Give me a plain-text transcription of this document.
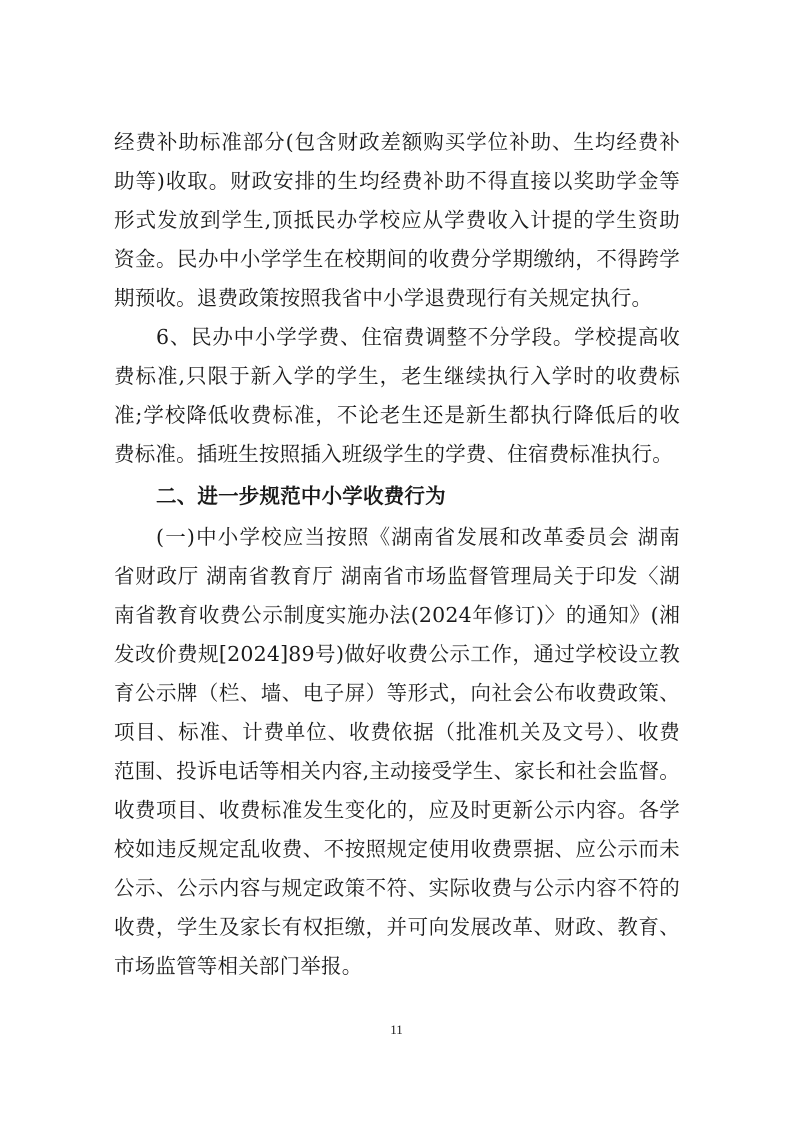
经费补助标准部分(包含财政差额购买学位补助、生均经费补
助等)收取。财政安排的生均经费补助不得直接以奖助学金等
形式发放到学生,顶抵民办学校应从学费收入计提的学生资助
资金。民办中小学学生在校期间的收费分学期缴纳，不得跨学
期预收。退费政策按照我省中小学退费现行有关规定执行。
6、民办中小学学费、住宿费调整不分学段。学校提高收
费标准,只限于新入学的学生，老生继续执行入学时的收费标
准;学校降低收费标准，不论老生还是新生都执行降低后的收
费标准。插班生按照插入班级学生的学费、住宿费标准执行。
二、进一步规范中小学收费行为
(一)中小学校应当按照《湖南省发展和改革委员会 湖南
省财政厅 湖南省教育厅 湖南省市场监督管理局关于印发〈湖
南省教育收费公示制度实施办法(2024年修订)〉的通知》(湘
发改价费规[2024]89号)做好收费公示工作，通过学校设立教
育公示牌（栏、墙、电子屏）等形式，向社会公布收费政策、
项目、标准、计费单位、收费依据（批准机关及文号）、收费
范围、投诉电话等相关内容,主动接受学生、家长和社会监督。
收费项目、收费标准发生变化的，应及时更新公示内容。各学
校如违反规定乱收费、不按照规定使用收费票据、应公示而未
公示、公示内容与规定政策不符、实际收费与公示内容不符的
收费，学生及家长有权拒缴，并可向发展改革、财政、教育、
市场监管等相关部门举报。
11
